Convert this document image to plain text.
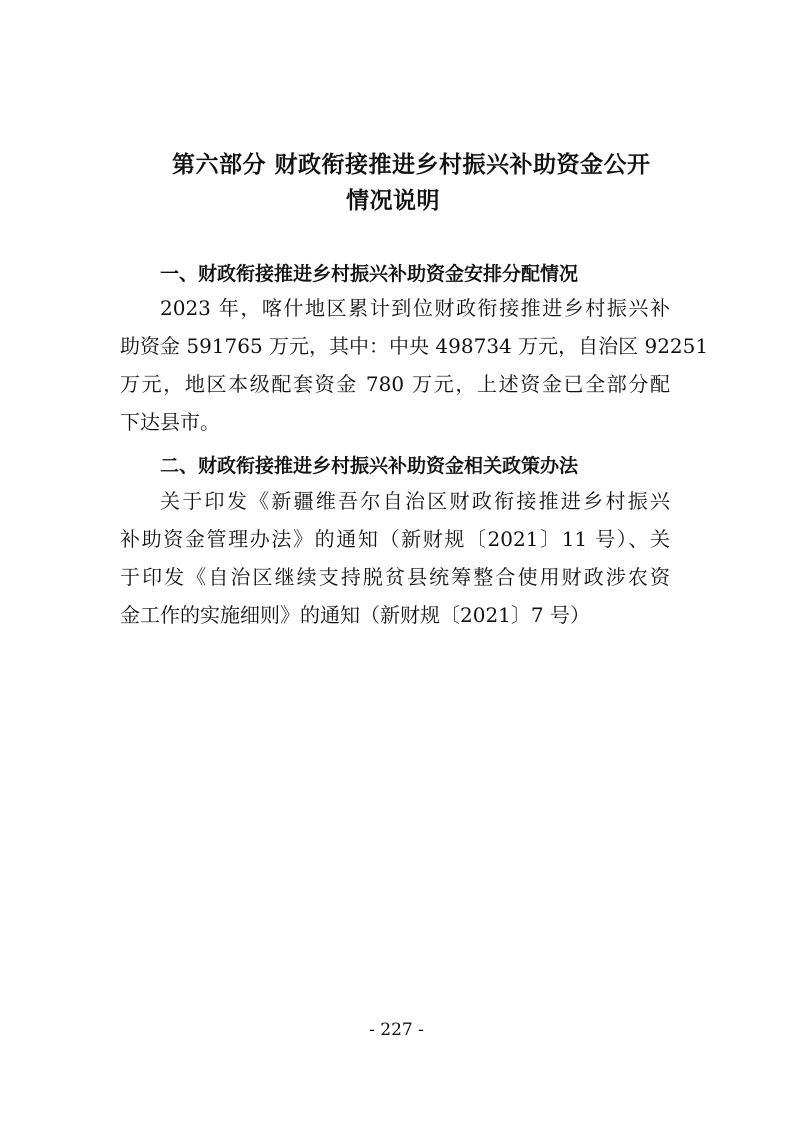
第六部分 财政衔接推进乡村振兴补助资金公开
情况说明
一、财政衔接推进乡村振兴补助资金安排分配情况
2023 年，喀什地区累计到位财政衔接推进乡村振兴补
助资金 591765 万元，其中：中央 498734 万元，自治区 92251
万元，地区本级配套资金 780 万元，上述资金已全部分配
下达县市。
二、财政衔接推进乡村振兴补助资金相关政策办法
关于印发《新疆维吾尔自治区财政衔接推进乡村振兴
补助资金管理办法》的通知（新财规〔2021〕11 号）、关
于印发《自治区继续支持脱贫县统筹整合使用财政涉农资
金工作的实施细则》的通知（新财规〔2021〕7 号）
- 227 -
